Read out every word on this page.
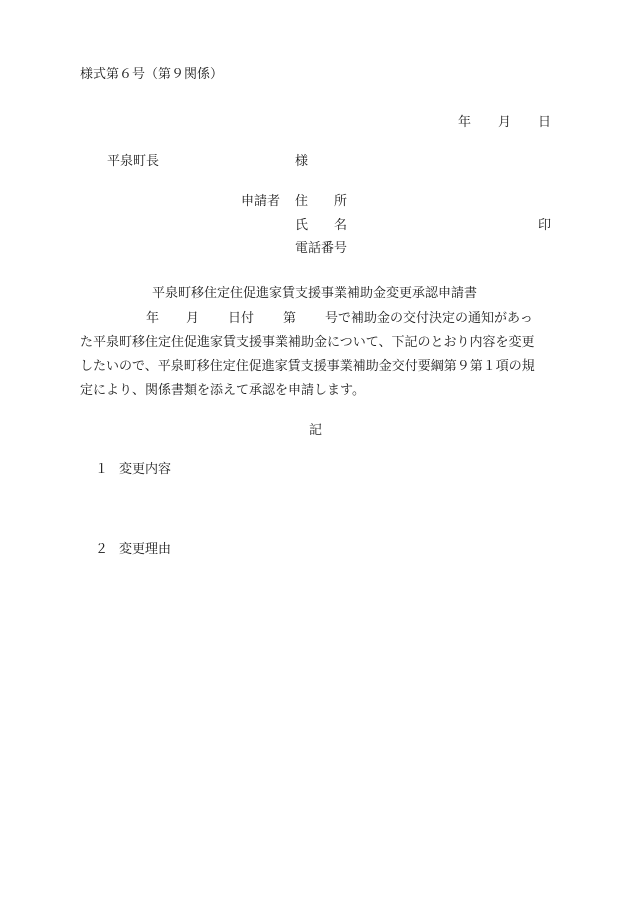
様式第６号（第９関係）
年 月 日
平泉町長	様
申請者 住　　所
氏　　名	印
電話番号
平泉町移住定住促進家賃支援事業補助金変更承認申請書
年 月 日付 第 号で補助金の交付決定の通知があっ
た平泉町移住定住促進家賃支援事業補助金について、下記のとおり内容を変更
したいので、平泉町移住定住促進家賃支援事業補助金交付要綱第９第１項の規
定により、関係書類を添えて承認を申請します。
記
１ 変更内容
２ 変更理由
